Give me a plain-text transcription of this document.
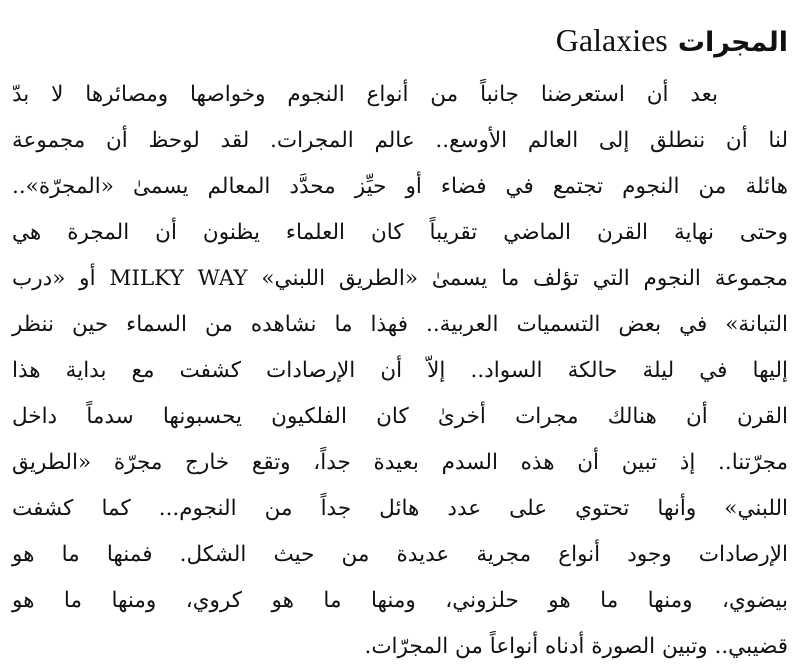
المجرات Galaxies
بعد أن استعرضنا جانباً من أنواع النجوم وخواصها ومصائرها لا بدّ
لنا أن ننطلق إلى العالم الأوسع.. عالم المجرات. لقد لوحظ أن مجموعة
هائلة من النجوم تجتمع في فضاء أو حيِّز محدَّد المعالم يسمىٰ «المجرّة»..
وحتى نهاية القرن الماضي تقريباً كان العلماء يظنون أن المجرة هي
مجموعة النجوم التي تؤلف ما يسمىٰ «الطريق اللبني» MILKY WAY أو «درب
التبانة» في بعض التسميات العربية.. فهذا ما نشاهده من السماء حين ننظر
إليها في ليلة حالكة السواد.. إلاّ أن الإرصادات كشفت مع بداية هذا
القرن أن هنالك مجرات أخرىٰ كان الفلكيون يحسبونها سدماً داخل
مجرّتنا.. إذ تبين أن هذه السدم بعيدة جداً، وتقع خارج مجرّة «الطريق
اللبني» وأنها تحتوي على عدد هائل جداً من النجوم... كما كشفت
الإرصادات وجود أنواع مجرية عديدة من حيث الشكل. فمنها ما هو
بيضوي، ومنها ما هو حلزوني، ومنها ما هو كروي، ومنها ما هو
قضيبي.. وتبين الصورة أدناه أنواعاً من المجرّات.
